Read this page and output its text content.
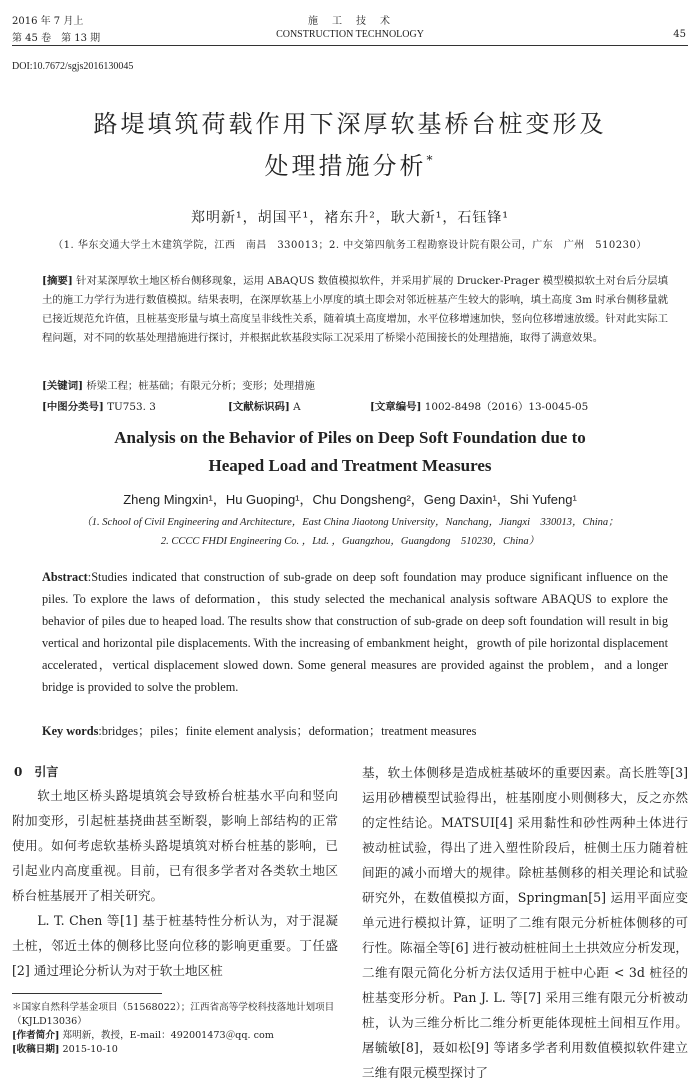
2016 年 7 月上
第 45 卷　第 13 期
施　工　技　术
CONSTRUCTION TECHNOLOGY	45
DOI:10.7672/sgjs2016130045
路堤填筑荷载作用下深厚软基桥台桩变形及
处理措施分析*
郑明新¹，胡国平¹，褚东升²，耿大新¹，石钰锋¹
（1. 华东交通大学土木建筑学院，江西　南昌　330013；2. 中交第四航务工程勘察设计院有限公司，广东　广州　510230）
[摘要] 针对某深厚软土地区桥台侧移现象，运用 ABAQUS 数值模拟软件，并采用扩展的 Drucker-Prager 模型模拟软土对台后分层填土的施工力学行为进行数值模拟。结果表明，在深厚软基上小厚度的填土即会对邻近桩基产生较大的影响，填土高度 3m 时承台侧移量就已接近规范允许值，且桩基变形量与填土高度呈非线性关系，随着填土高度增加，水平位移增速加快，竖向位移增速放缓。针对此实际工程问题，对不同的软基处理措施进行探讨，并根据此软基段实际工况采用了桥梁小范围接长的处理措施，取得了满意效果。
[关键词] 桥梁工程；桩基础；有限元分析；变形；处理措施
[中图分类号] TU753. 3	[文献标识码] A	[文章编号] 1002-8498（2016）13-0045-05
Analysis on the Behavior of Piles on Deep Soft Foundation due to
Heaped Load and Treatment Measures
Zheng Mingxin¹，Hu Guoping¹，Chu Dongsheng²，Geng Daxin¹，Shi Yufeng¹
（1. School of Civil Engineering and Architecture，East China Jiaotong University，Nanchang，Jiangxi　330013，China；
2. CCCC FHDI Engineering Co. ，Ltd. ，Guangzhou，Guangdong　510230，China）
Abstract:Studies indicated that construction of sub-grade on deep soft foundation may produce significant influence on the piles. To explore the laws of deformation，this study selected the mechanical analysis software ABAQUS to explore the behavior of piles due to heaped load. The results show that construction of sub-grade on deep soft foundation will result in big vertical and horizontal pile displacements. With the increasing of embankment height，growth of pile horizontal displacement accelerated，vertical displacement slowed down. Some general measures are provided against the problem，and a longer bridge is provided to solve the problem.
Key words:bridges；piles；finite element analysis；deformation；treatment measures
0　引言

软土地区桥头路堤填筑会导致桥台桩基水平向和竖向附加变形，引起桩基挠曲甚至断裂，影响上部结构的正常使用。如何考虑软基桥头路堤填筑对桥台桩基的影响，已引起业内高度重视。目前，已有很多学者对各类软土地区桥台桩基展开了相关研究。

L. T. Chen 等[1] 基于桩基特性分析认为，对于混凝土桩，邻近土体的侧移比竖向位移的影响更重要。丁任盛[2] 通过理论分析认为对于软土地区桩

＊国家自然科学基金项目（51568022）；江西省高等学校科技落地计划项目（KJLD13036）
[作者简介] 郑明新，教授，E-mail：492001473＠qq. com
[收稿日期] 2015-10-10

基，软土体侧移是造成桩基破坏的重要因素。高长胜等[3] 运用砂槽模型试验得出，桩基刚度小则侧移大，反之亦然的定性结论。MATSUI[4] 采用黏性和砂性两种土体进行被动桩试验，得出了进入塑性阶段后，桩侧土压力随着桩间距的减小而增大的规律。除桩基侧移的相关理论和试验研究外，在数值模拟方面，Springman[5] 运用平面应变单元进行模拟计算，证明了二维有限元分析桩体侧移的可行性。陈福全等[6] 进行被动桩桩间土土拱效应分析发现，二维有限元简化分析方法仅适用于桩中心距 < 3d 桩径的桩基变形分析。Pan J. L. 等[7] 采用三维有限元分析被动桩，认为三维分析比二维分析更能体现桩土间相互作用。屠毓敏[8]，聂如松[9] 等诸多学者利用数值模拟软件建立三维有限元模型探讨了
